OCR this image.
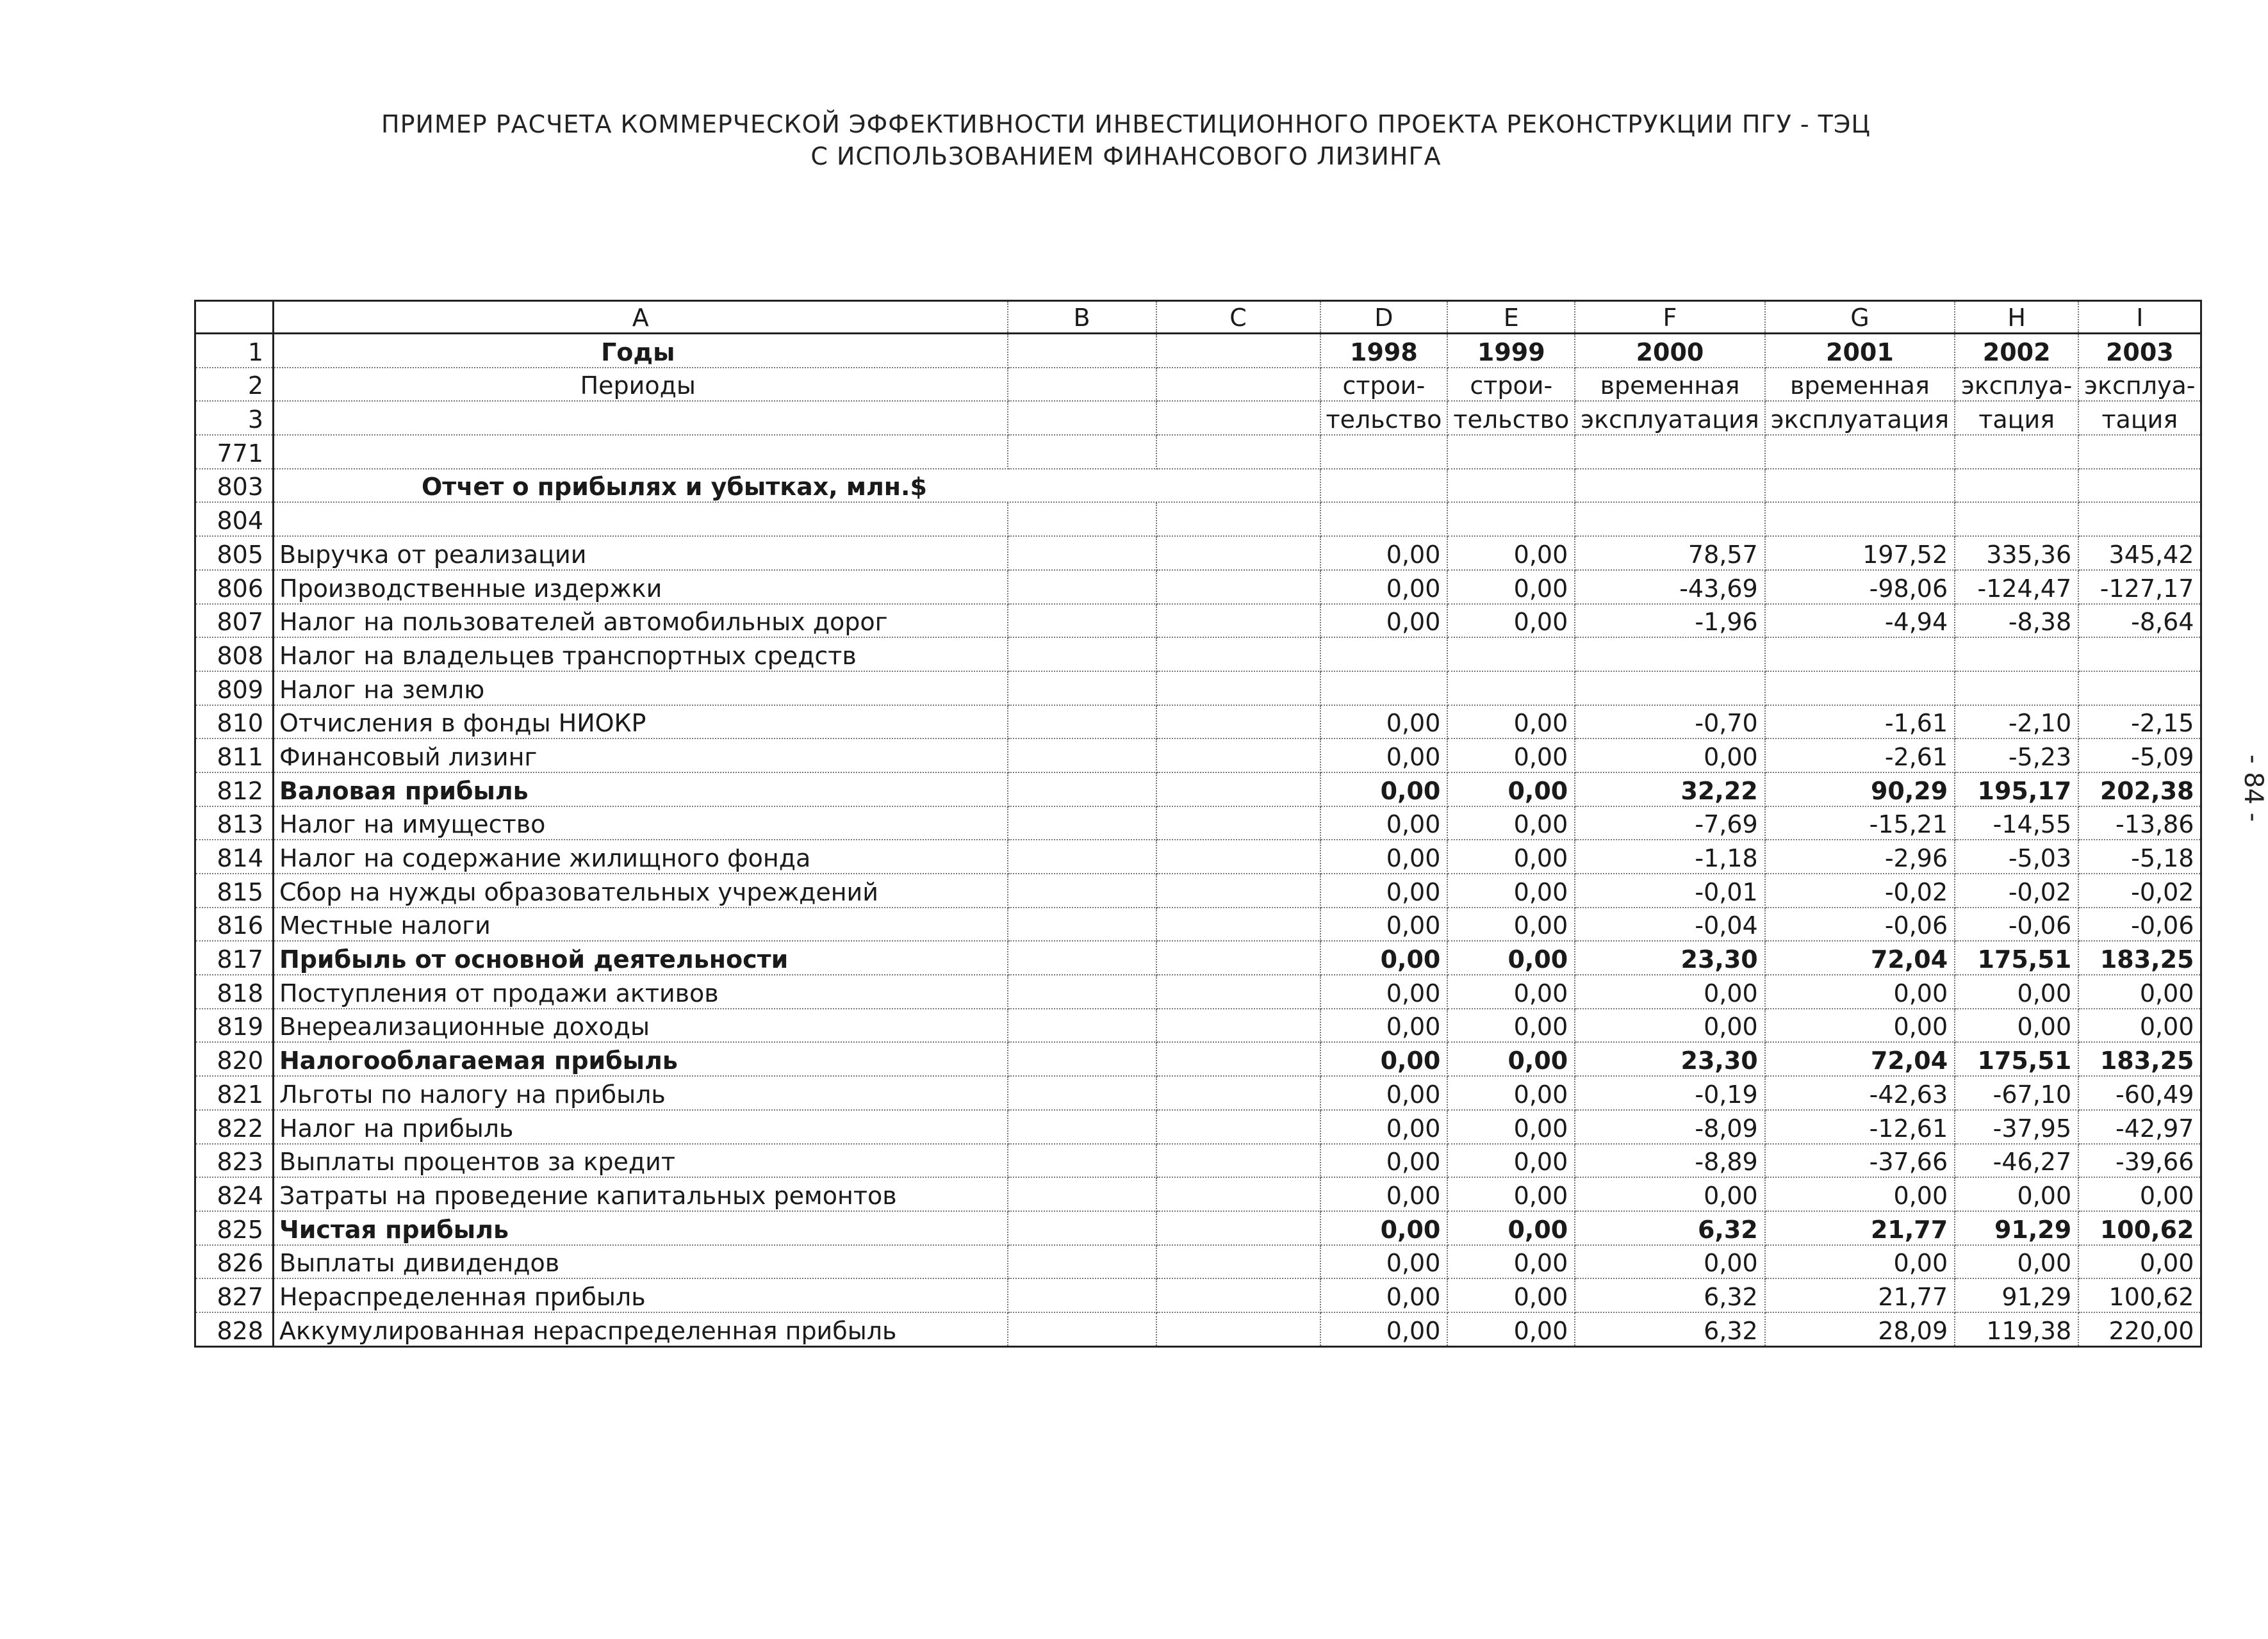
ПРИМЕР РАСЧЕТА КОММЕРЧЕСКОЙ ЭФФЕКТИВНОСТИ ИНВЕСТИЦИОННОГО ПРОЕКТА РЕКОНСТРУКЦИИ ПГУ - ТЭЦ
С ИСПОЛЬЗОВАНИЕМ ФИНАНСОВОГО ЛИЗИНГА
	A	B	C	D	E	F	G	H	I
1	Годы			1998	1999	2000	2001	2002	2003
2	Периоды			строи-	строи-	временная	временная	эксплуа-	эксплуа-
3				тельство	тельство	эксплуатация	эксплуатация	тация	тация
771									
803	Отчет о прибылях и убытках, млн.$								
804									
805	Выручка от реализации			0,00	0,00	78,57	197,52	335,36	345,42
806	Производственные издержки			0,00	0,00	-43,69	-98,06	-124,47	-127,17
807	Налог на пользователей автомобильных дорог			0,00	0,00	-1,96	-4,94	-8,38	-8,64
808	Налог на владельцев транспортных средств								
809	Налог на землю								
810	Отчисления в фонды НИОКР			0,00	0,00	-0,70	-1,61	-2,10	-2,15
811	Финансовый лизинг			0,00	0,00	0,00	-2,61	-5,23	-5,09
812	Валовая прибыль			0,00	0,00	32,22	90,29	195,17	202,38
813	Налог на имущество			0,00	0,00	-7,69	-15,21	-14,55	-13,86
814	Налог на содержание жилищного фонда			0,00	0,00	-1,18	-2,96	-5,03	-5,18
815	Сбор на нужды образовательных учреждений			0,00	0,00	-0,01	-0,02	-0,02	-0,02
816	Местные налоги			0,00	0,00	-0,04	-0,06	-0,06	-0,06
817	Прибыль от основной деятельности			0,00	0,00	23,30	72,04	175,51	183,25
818	Поступления от продажи активов			0,00	0,00	0,00	0,00	0,00	0,00
819	Внереализационные доходы			0,00	0,00	0,00	0,00	0,00	0,00
820	Налогооблагаемая прибыль			0,00	0,00	23,30	72,04	175,51	183,25
821	Льготы по налогу на прибыль			0,00	0,00	-0,19	-42,63	-67,10	-60,49
822	Налог на прибыль			0,00	0,00	-8,09	-12,61	-37,95	-42,97
823	Выплаты процентов за кредит			0,00	0,00	-8,89	-37,66	-46,27	-39,66
824	Затраты на проведение капитальных ремонтов			0,00	0,00	0,00	0,00	0,00	0,00
825	Чистая прибыль			0,00	0,00	6,32	21,77	91,29	100,62
826	Выплаты дивидендов			0,00	0,00	0,00	0,00	0,00	0,00
827	Нераспределенная прибыль			0,00	0,00	6,32	21,77	91,29	100,62
828	Аккумулированная нераспределенная прибыль			0,00	0,00	6,32	28,09	119,38	220,00
- 84 -
